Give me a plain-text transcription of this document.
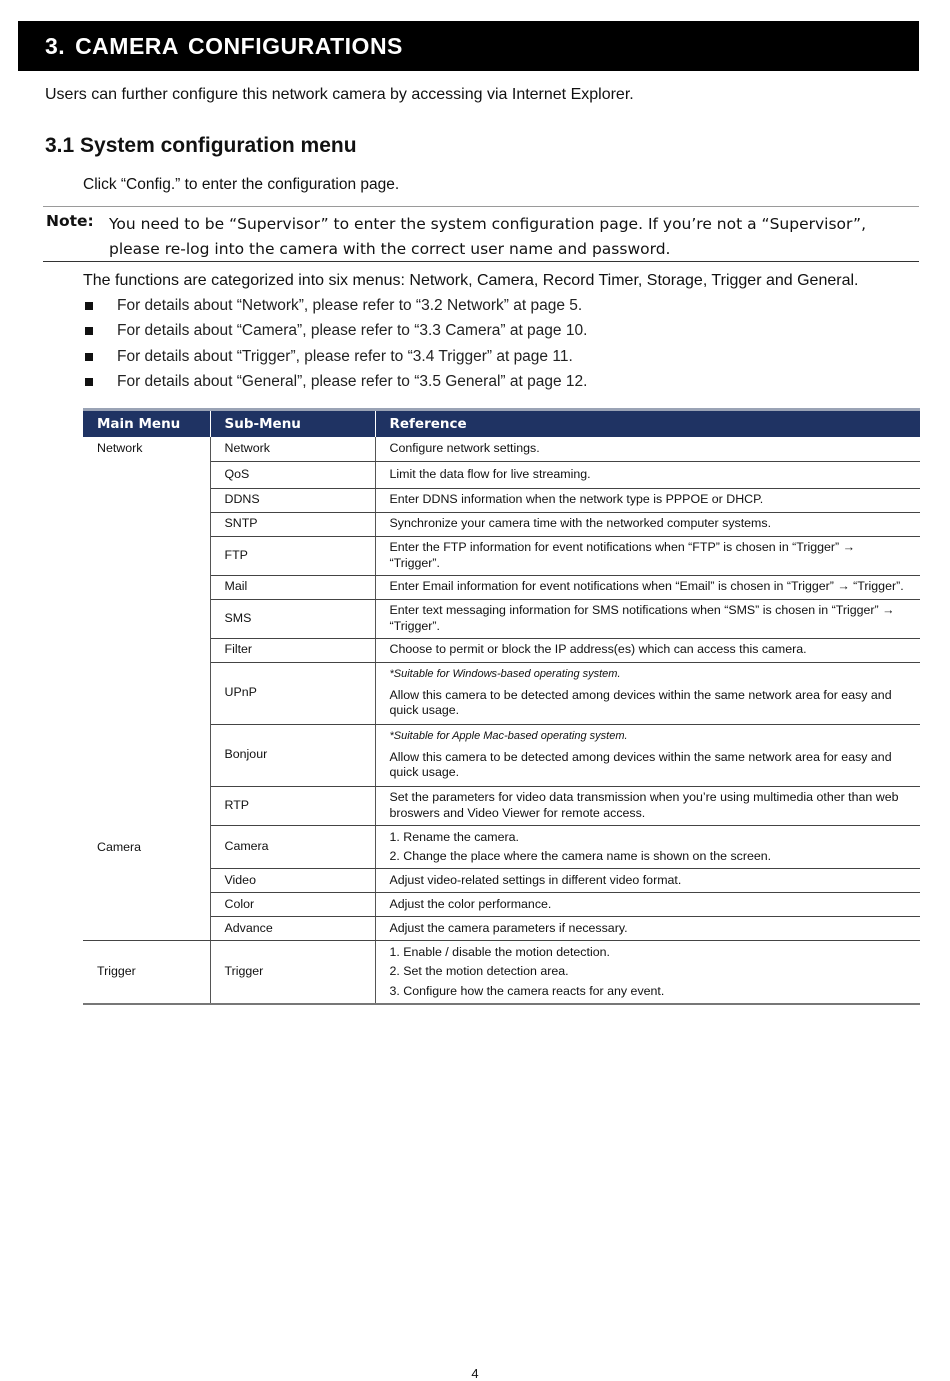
3. CAMERA CONFIGURATIONS
Users can further configure this network camera by accessing via Internet Explorer.
3.1 System configuration menu
Click “Config.” to enter the configuration page.
Note: You need to be “Supervisor” to enter the system configuration page. If you’re not a “Supervisor”,
please re-log into the camera with the correct user name and password.
The functions are categorized into six menus: Network, Camera, Record Timer, Storage, Trigger and General.
For details about “Network”, please refer to “3.2 Network” at page 5.
For details about “Camera”, please refer to “3.3 Camera” at page 10.
For details about “Trigger”, please refer to “3.4 Trigger” at page 11.
For details about “General”, please refer to “3.5 General” at page 12.
Main Menu	Sub-Menu	Reference
Network	Network	Configure network settings.
	QoS	Limit the data flow for live streaming.
	DDNS	Enter DDNS information when the network type is PPPOE or DHCP.
	SNTP	Synchronize your camera time with the networked computer systems.
	FTP	Enter the FTP information for event notifications when “FTP” is chosen in “Trigger” →
“Trigger”.

	Mail	Enter Email information for event notifications when “Email” is chosen in “Trigger” → “Trigger”.
	SMS	Enter text messaging information for SMS notifications when “SMS” is chosen in “Trigger” →
“Trigger”.

	Filter	Choose to permit or block the IP address(es) which can access this camera.
	UPnP	*Suitable for Windows-based operating system.
Allow this camera to be detected among devices within the same network area for easy and
quick usage.

	Bonjour	*Suitable for Apple Mac-based operating system.
Allow this camera to be detected among devices within the same network area for easy and
quick usage.

	RTP	Set the parameters for video data transmission when you’re using multimedia other than web
broswers and Video Viewer for remote access.

Camera	Camera	1. Rename the camera.
2. Change the place where the camera name is shown on the screen.

	Video	Adjust video-related settings in different video format.
	Color	Adjust the color performance.
	Advance	Adjust the camera parameters if necessary.
Trigger	Trigger	1. Enable / disable the motion detection.
2. Set the motion detection area.
3. Configure how the camera reacts for any event.
4
